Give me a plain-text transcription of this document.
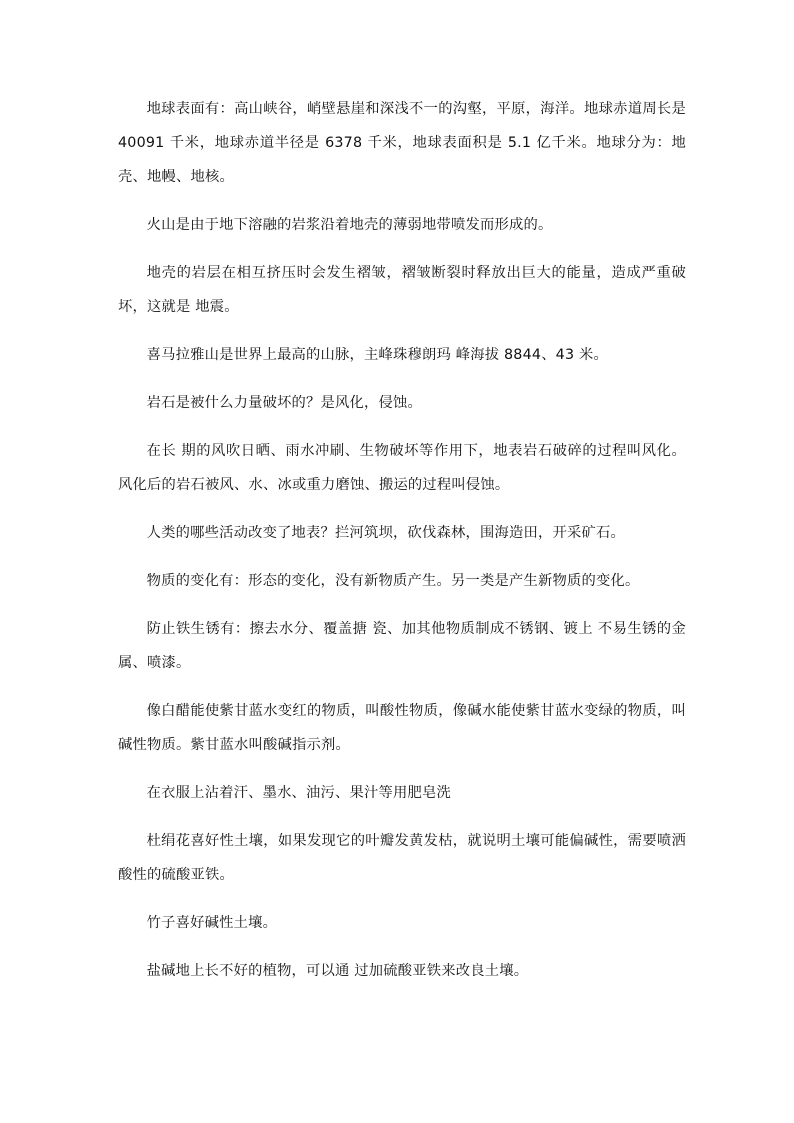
地球表面有：高山峡谷，峭壁悬崖和深浅不一的沟壑，平原，海洋。地球赤道周长是 40091 千米，地球赤道半径是 6378 千米，地球表面积是 5.1 亿千米。地球分为：地壳、地幔、地核。

火山是由于地下溶融的岩浆沿着地壳的薄弱地带喷发而形成的。

地壳的岩层在相互挤压时会发生褶皱，褶皱断裂时释放出巨大的能量，造成严重破坏，这就是 地震。

喜马拉雅山是世界上最高的山脉，主峰珠穆朗玛 峰海拔 8844、43 米。

岩石是被什么力量破坏的？是风化，侵蚀。

在长 期的风吹日晒、雨水冲刷、生物破坏等作用下，地表岩石破碎的过程叫风化。 风化后的岩石被风、水、冰或重力磨蚀、搬运的过程叫侵蚀。

人类的哪些活动改变了地表？拦河筑坝，砍伐森林，围海造田，开采矿石。

物质的变化有：形态的变化，没有新物质产生。另一类是产生新物质的变化。

防止铁生锈有：擦去水分、覆盖搪 瓷、加其他物质制成不锈钢、镀上 不易生锈的金属、喷漆。

像白醋能使紫甘蓝水变红的物质，叫酸性物质，像碱水能使紫甘蓝水变绿的物质，叫碱性物质。紫甘蓝水叫酸碱指示剂。

在衣服上沾着汗、墨水、油污、果汁等用肥皂洗

杜绢花喜好性土壤，如果发现它的叶瓣发黄发枯，就说明土壤可能偏碱性，需要喷洒酸性的硫酸亚铁。

竹子喜好碱性土壤。

盐碱地上长不好的植物，可以通 过加硫酸亚铁来改良土壤。
